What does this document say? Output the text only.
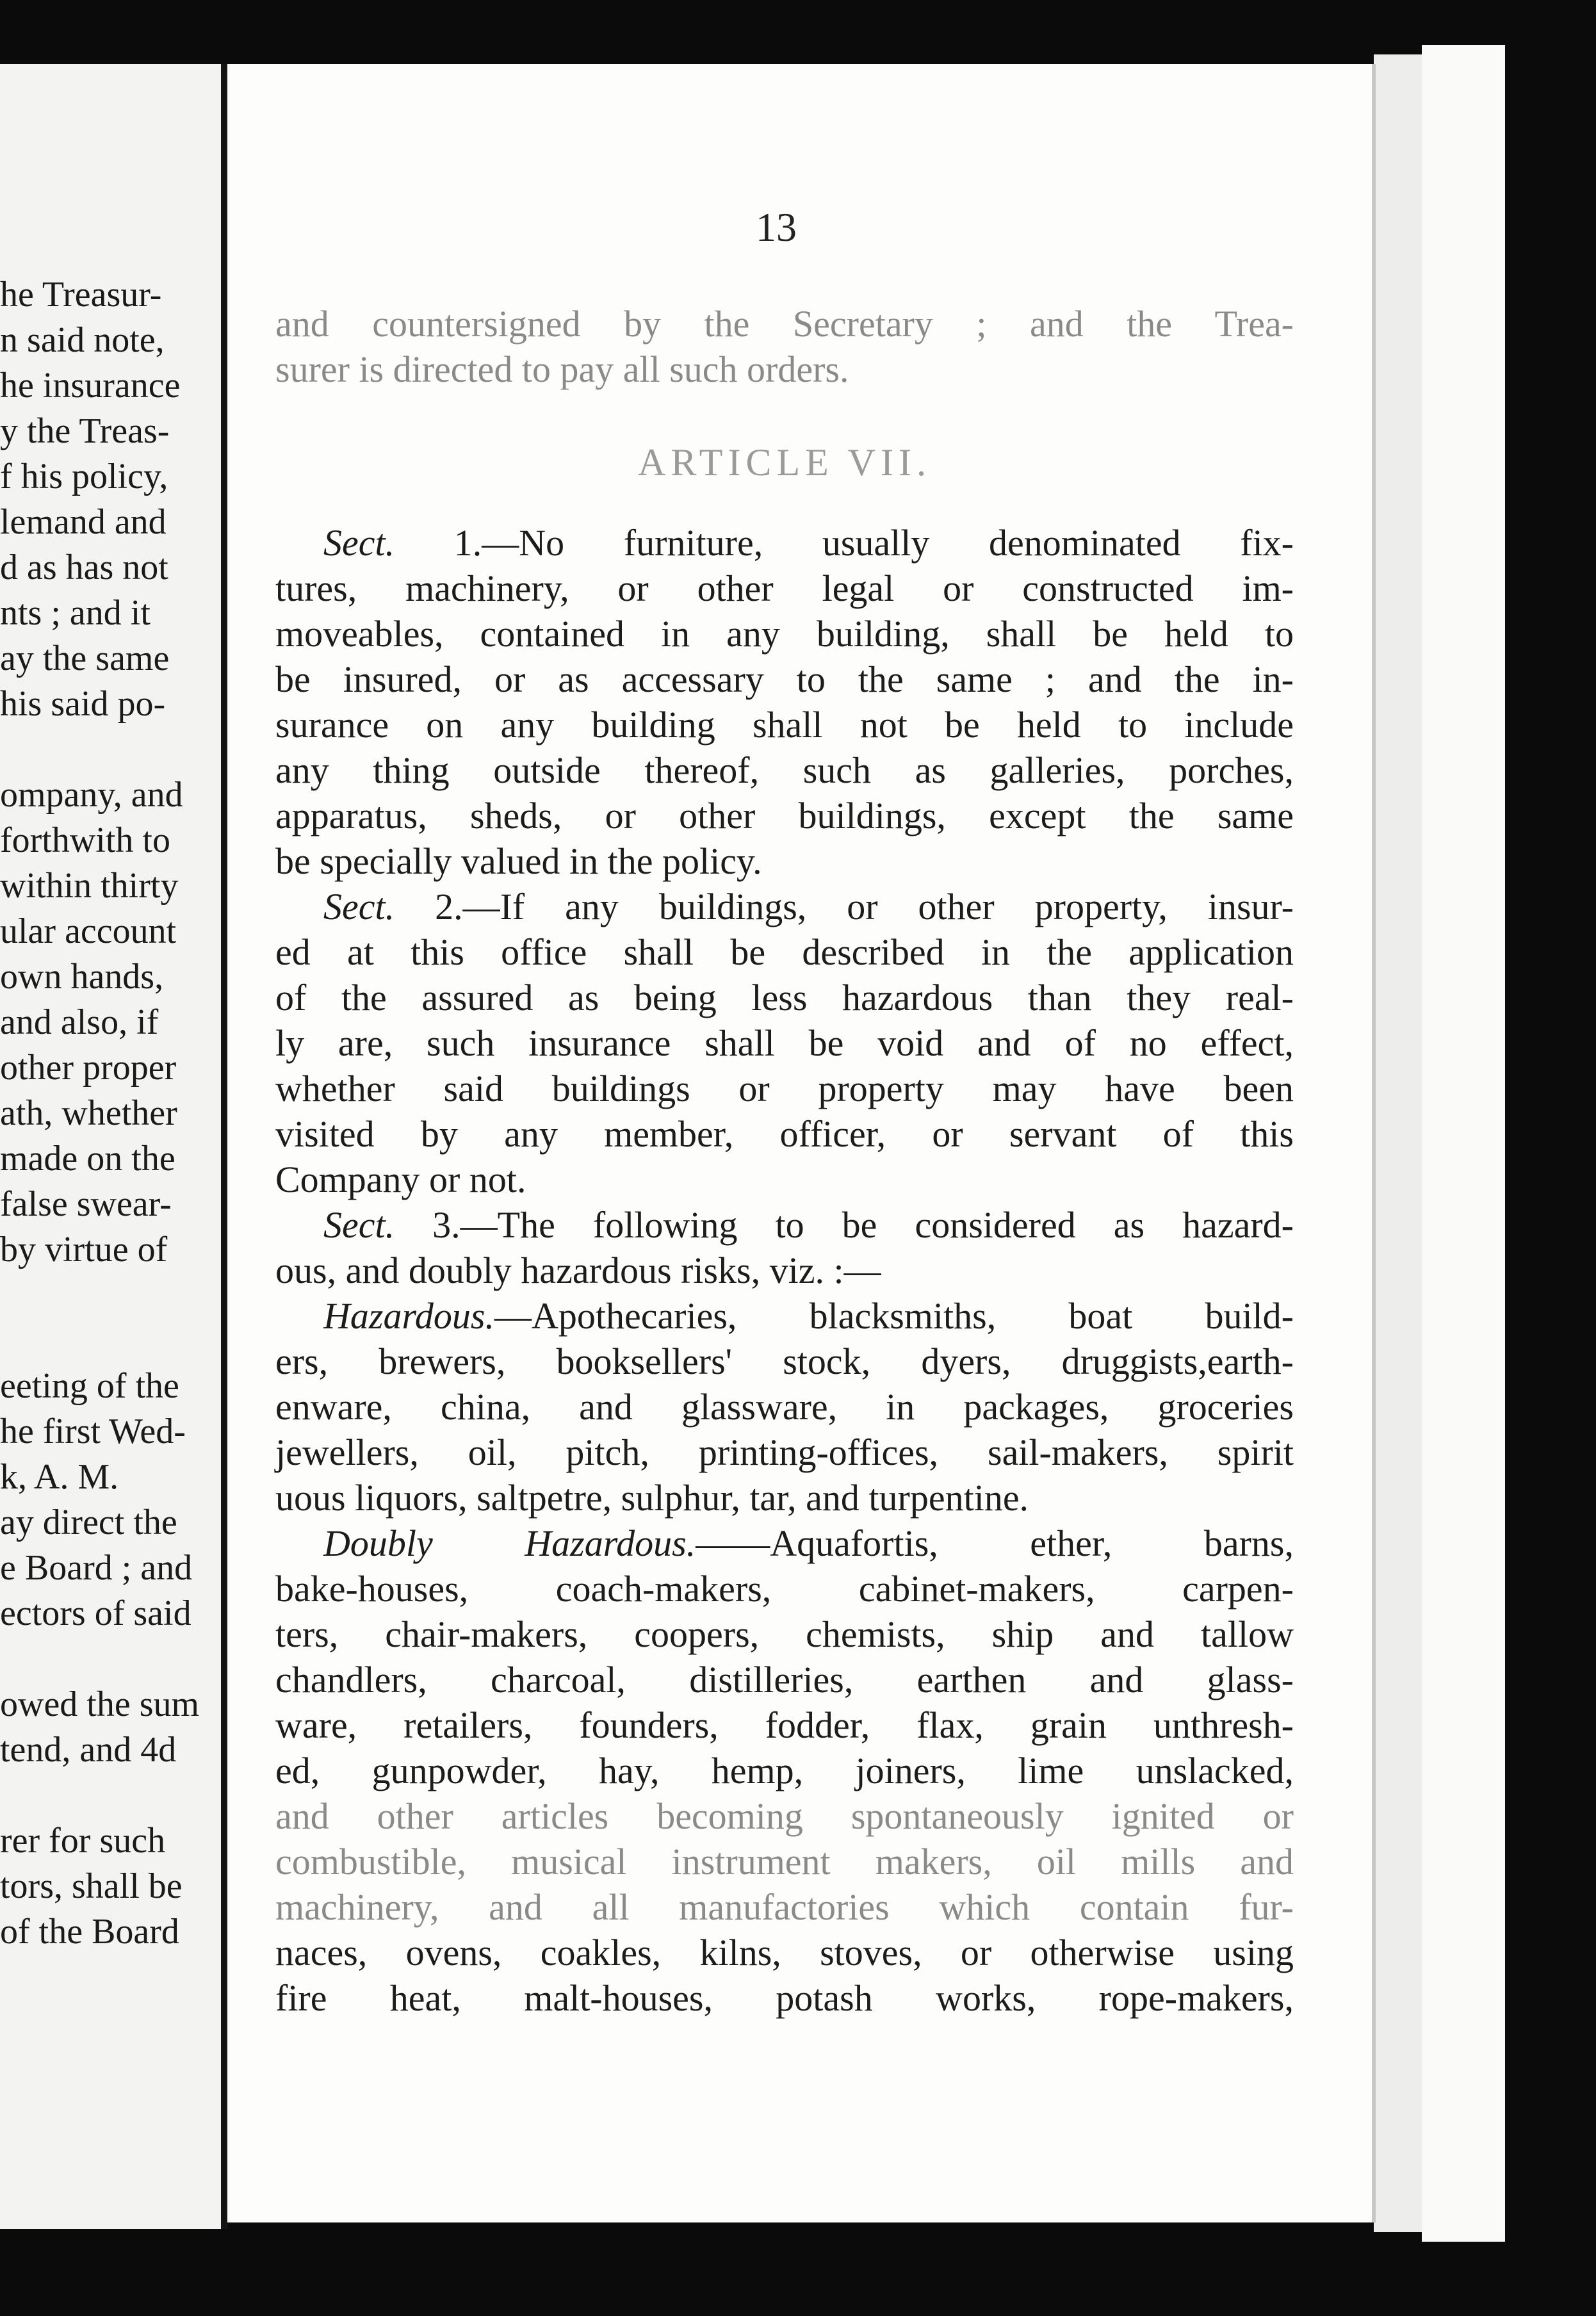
he Treasur-
n said note,
he insurance
y the Treas-
f his policy,
lemand and
d as has not
nts ; and it
ay the same
his said po-
ompany, and
forthwith to
within thirty
ular account
own hands,
and also, if
other proper
ath, whether
made on the
false swear-
by virtue of
eeting of the
he first Wed-
k, A. M.
ay direct the
e Board ; and
ectors of said
owed the sum
tend, and 4d
rer for such
tors, shall be
of the Board
13
and countersigned by the Secretary ; and the Trea-
surer is directed to pay all such orders.
ARTICLE VII.
Sect. 1.—No furniture, usually denominated fix-
tures, machinery, or other legal or constructed im-
moveables, contained in any building, shall be held to
be insured, or as accessary to the same ; and the in-
surance on any building shall not be held to include
any thing outside thereof, such as galleries, porches,
apparatus, sheds, or other buildings, except the same
be specially valued in the policy.
Sect. 2.—If any buildings, or other property, insur-
ed at this office shall be described in the application
of the assured as being less hazardous than they real-
ly are, such insurance shall be void and of no effect,
whether said buildings or property may have been
visited by any member, officer, or servant of this
Company or not.
Sect. 3.—The following to be considered as hazard-
ous, and doubly hazardous risks, viz. :—
Hazardous.—Apothecaries, blacksmiths, boat build-
ers, brewers, booksellers' stock, dyers, druggists,earth-
enware, china, and glassware, in packages, groceries
jewellers, oil, pitch, printing-offices, sail-makers, spirit
uous liquors, saltpetre, sulphur, tar, and turpentine.
Doubly Hazardous.——Aquafortis, ether, barns,
bake-houses, coach-makers, cabinet-makers, carpen-
ters, chair-makers, coopers, chemists, ship and tallow
chandlers, charcoal, distilleries, earthen and glass-
ware, retailers, founders, fodder, flax, grain unthresh-
ed, gunpowder, hay, hemp, joiners, lime unslacked,
and other articles becoming spontaneously ignited or
combustible, musical instrument makers, oil mills and
machinery, and all manufactories which contain fur-
naces, ovens, coakles, kilns, stoves, or otherwise using
fire heat, malt-houses, potash works, rope-makers,
